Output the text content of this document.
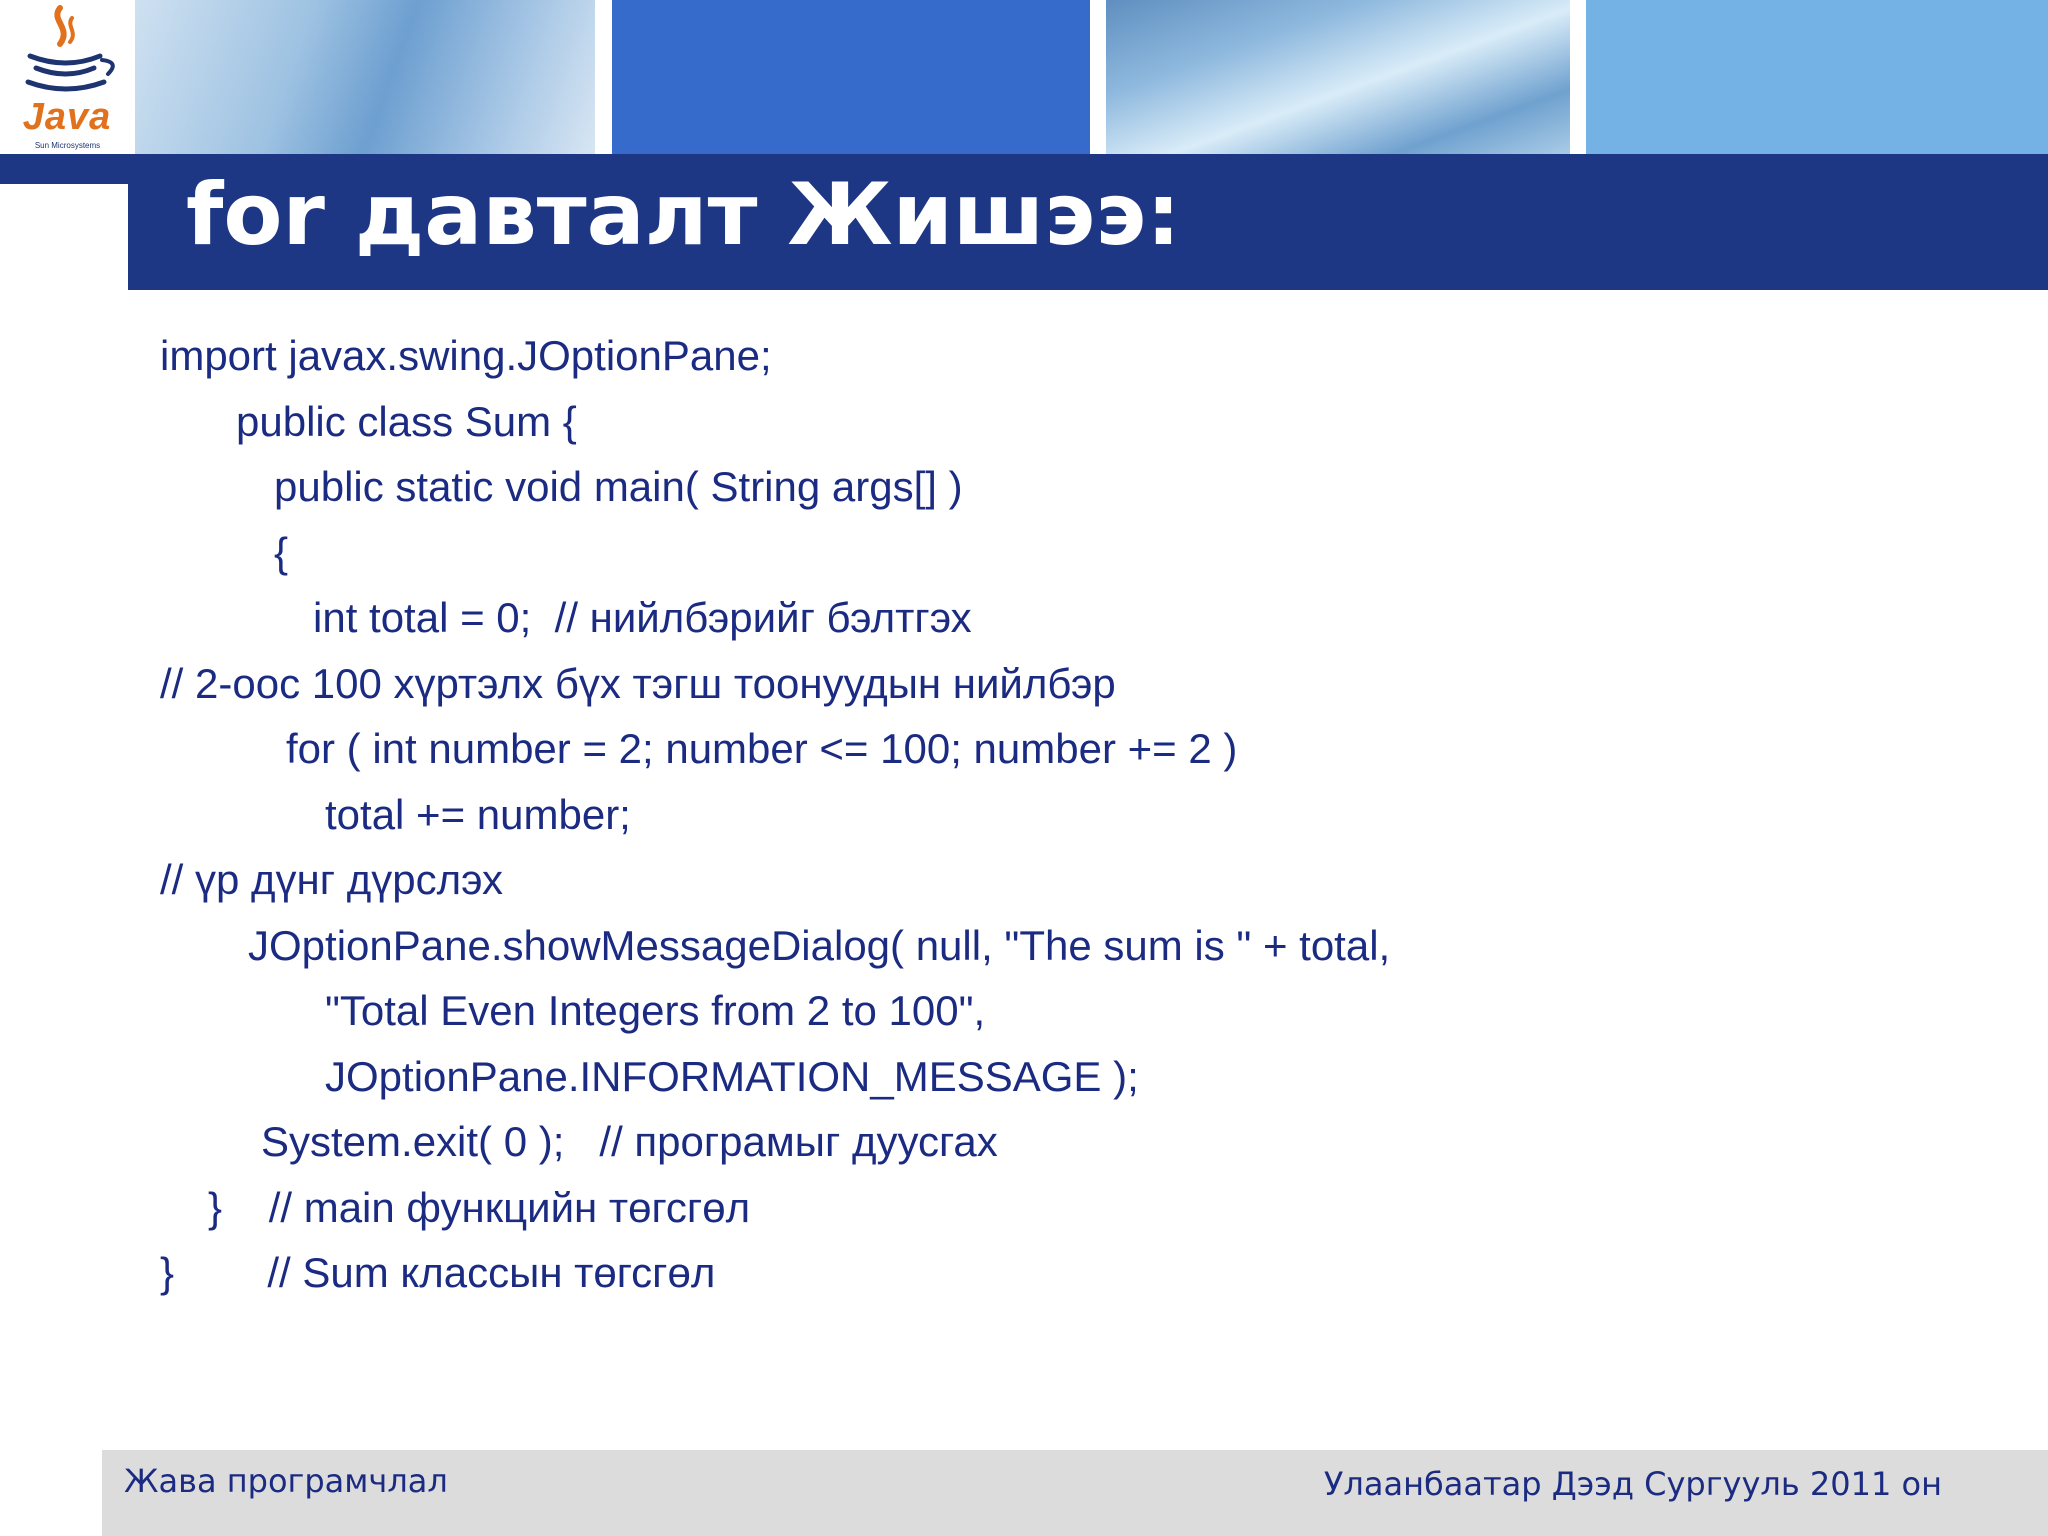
Java
Sun Microsystems
for давталт Жишээ:
import javax.swing.JOptionPane;
public class Sum {
public static void main( String args[] )
{
int total = 0;  // нийлбэрийг бэлтгэх
// 2-оос 100 хүртэлх бүх тэгш тоонуудын нийлбэр
for ( int number = 2; number <= 100; number += 2 )
total += number;
// үр дүнг дүрслэх
JOptionPane.showMessageDialog( null, "The sum is " + total,
"Total Even Integers from 2 to 100",
JOptionPane.INFORMATION_MESSAGE );
System.exit( 0 );   // програмыг дуусгах
}    // main функцийн төгсгөл
}        // Sum классын төгсгөл
Жава програмчлал	Улаанбаатар Дээд Сургууль 2011 он
